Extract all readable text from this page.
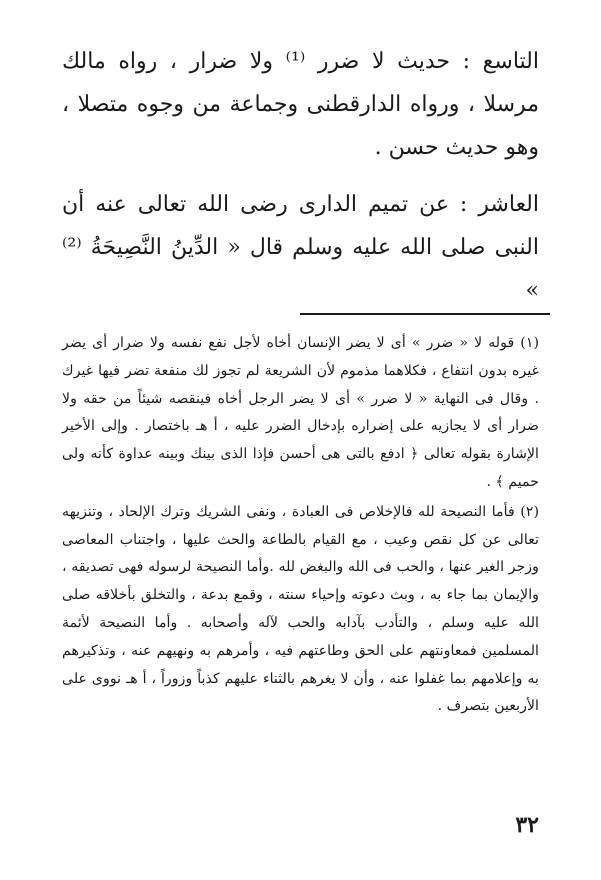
التاسع : حديث لا ضرر ⁽¹⁾ ولا ضرار ، رواه مالك مرسلا ، ورواه الدارقطنى وجماعة من وجوه متصلا ، وهو حديث حسن .

العاشر : عن تميم الدارى رضى الله تعالى عنه أن النبى صلى الله عليه وسلم قال « الدِّينُ النَّصِيحَةُ ⁽²⁾ »

(١) قوله لا « ضرر » أى لا يضر الإنسان أخاه لأجل نفع نفسه ولا ضرار أى يضر غيره بدون انتفاع ، فكلاهما مذموم لأن الشريعة لم تجوز لك منفعة تضر فيها غيرك . وقال فى النهاية « لا ضرر » أى لا يضر الرجل أخاه فينقصه شيئاً من حقه ولا ضرار أى لا يجازيه على إضراره بإدخال الضرر عليه ، أ هـ باختصار . وإلى الأخير الإشارة بقوله تعالى ﴿ ادفع بالتى هى أحسن فإذا الذى بينك وبينه عداوة كأنه ولى حميم ﴾ .

(٢) فأما النصيحة لله فالإخلاص فى العبادة ، ونفى الشريك وترك الإلحاد ، وتنزيهه تعالى عن كل نقص وعيب ، مع القيام بالطاعة والحث عليها ، واجتناب المعاصى وزجر الغير عنها ، والحب فى الله والبغض لله .وأما النصيحة لرسوله فهى تصديقه ، والإيمان بما جاء به ، وبث دعوته وإحياء سنته ، وقمع بدعة ، والتخلق بأخلاقه صلى الله عليه وسلم ، والتأدب بآدابه والحب لآله وأصحابه . وأما النصيحة لأئمة المسلمين فمعاونتهم على الحق وطاعتهم فيه ، وأمرهم به ونهيهم عنه ، وتذكيرهم به وإعلامهم بما غفلوا عنه ، وأن لا يغرهم بالثناء عليهم كذباً وزوراً ، أ هـ نووى على الأربعين بتصرف .

٣٢
